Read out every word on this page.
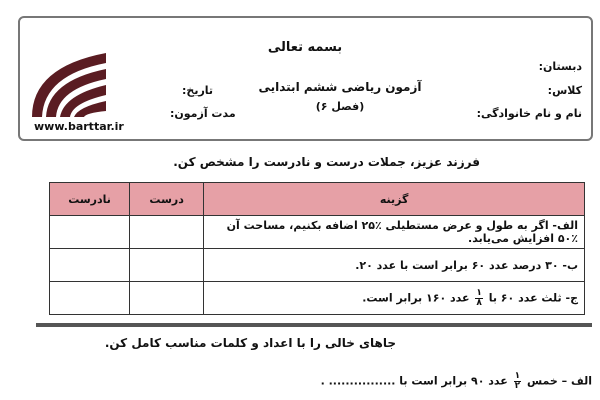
بسمه تعالی
دبستان:
کلاس:
نام و نام خانوادگی:
آزمون ریاضی ششم ابتدایی
(فصل ۶)
تاریخ:
مدت آزمون:
www.barttar.ir
فرزند عزیز، جملات درست و نادرست را مشخص کن.
گزینه	درست	نادرست
الف- اگر به طول و عرض مستطیلی ٪۲۵ اضافه بکنیم، مساحت آن ٪۵۰ افزایش می‌یابد.		
ب- ۳۰ درصد عدد ۶۰ برابر است با عدد ۲۰.		
ج- ثلث عدد ۶۰ با
$\frac{۱}{۸}$
عدد ۱۶۰ برابر است.		
جاهای خالی را با اعداد و کلمات مناسب کامل کن.
الف – خمس
$\frac{۱}{۲}$
عدد ۹۰ برابر است با ................ .
